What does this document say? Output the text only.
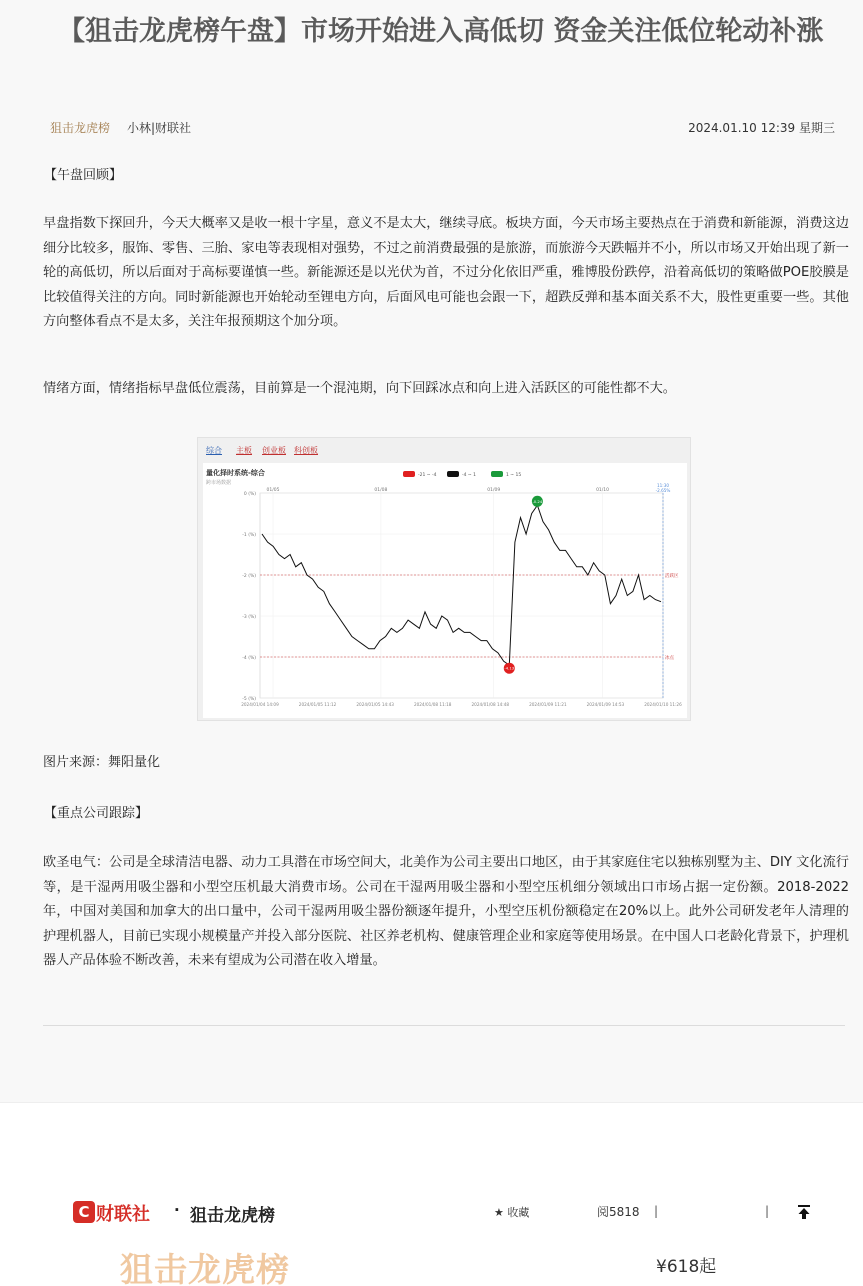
【狙击龙虎榜午盘】市场开始进入高低切 资金关注低位轮动补涨
狙击龙虎榜 小林|财联社	2024.01.10 12:39 星期三
【午盘回顾】
早盘指数下探回升，今天大概率又是收一根十字星，意义不是太大，继续寻底。板块方面，今天市场主要热点在于消费和新能源，消费这边细分比较多，服饰、零售、三胎、家电等表现相对强势，不过之前消费最强的是旅游，而旅游今天跌幅并不小，所以市场又开始出现了新一轮的高低切，所以后面对于高标要谨慎一些。新能源还是以光伏为首，不过分化依旧严重，雅博股份跌停，沿着高低切的策略做POE胶膜是比较值得关注的方向。同时新能源也开始轮动至锂电方向，后面风电可能也会跟一下，超跌反弹和基本面关系不大，股性更重要一些。其他方向整体看点不是太多，关注年报预期这个加分项。
情绪方面，情绪指标早盘低位震荡，目前算是一个混沌期，向下回踩冰点和向上进入活跃区的可能性都不大。
综合 主板 创业板 科创板
量化择时系统-综合
跨市场数据
-21 ~ -4	-4 ~ 1	1 ~ 15
-0.24
-4.13
0 (%)
-1 (%)
-2 (%)
-3 (%)
-4 (%)
-5 (%)
活跃区
冰点
01/05	01/08	01/09	01/10
2024/01/04 14:09	2024/01/05 11:12	2024/01/05 14:43	2024/01/08 11:18	2024/01/08 14:48	2024/01/09 11:21	2024/01/09 14:53	2024/01/10 11:26
11:30
-2.65%
图片来源：舞阳量化
【重点公司跟踪】
欧圣电气：公司是全球清洁电器、动力工具潜在市场空间大，北美作为公司主要出口地区，由于其家庭住宅以独栋别墅为主、DIY 文化流行等，是干湿两用吸尘器和小型空压机最大消费市场。公司在干湿两用吸尘器和小型空压机细分领域出口市场占据一定份额。2018-2022 年，中国对美国和加拿大的出口量中，公司干湿两用吸尘器份额逐年提升，小型空压机份额稳定在20%以上。此外公司研发老年人清理的护理机器人，目前已实现小规模量产并投入部分医院、社区养老机构、健康管理企业和家庭等使用场景。在中国人口老龄化背景下，护理机器人产品体验不断改善，未来有望成为公司潜在收入增量。
C 财联社 · 狙击龙虎榜	★ 收藏	阅5818 |	|
狙击龙虎榜	¥618起
